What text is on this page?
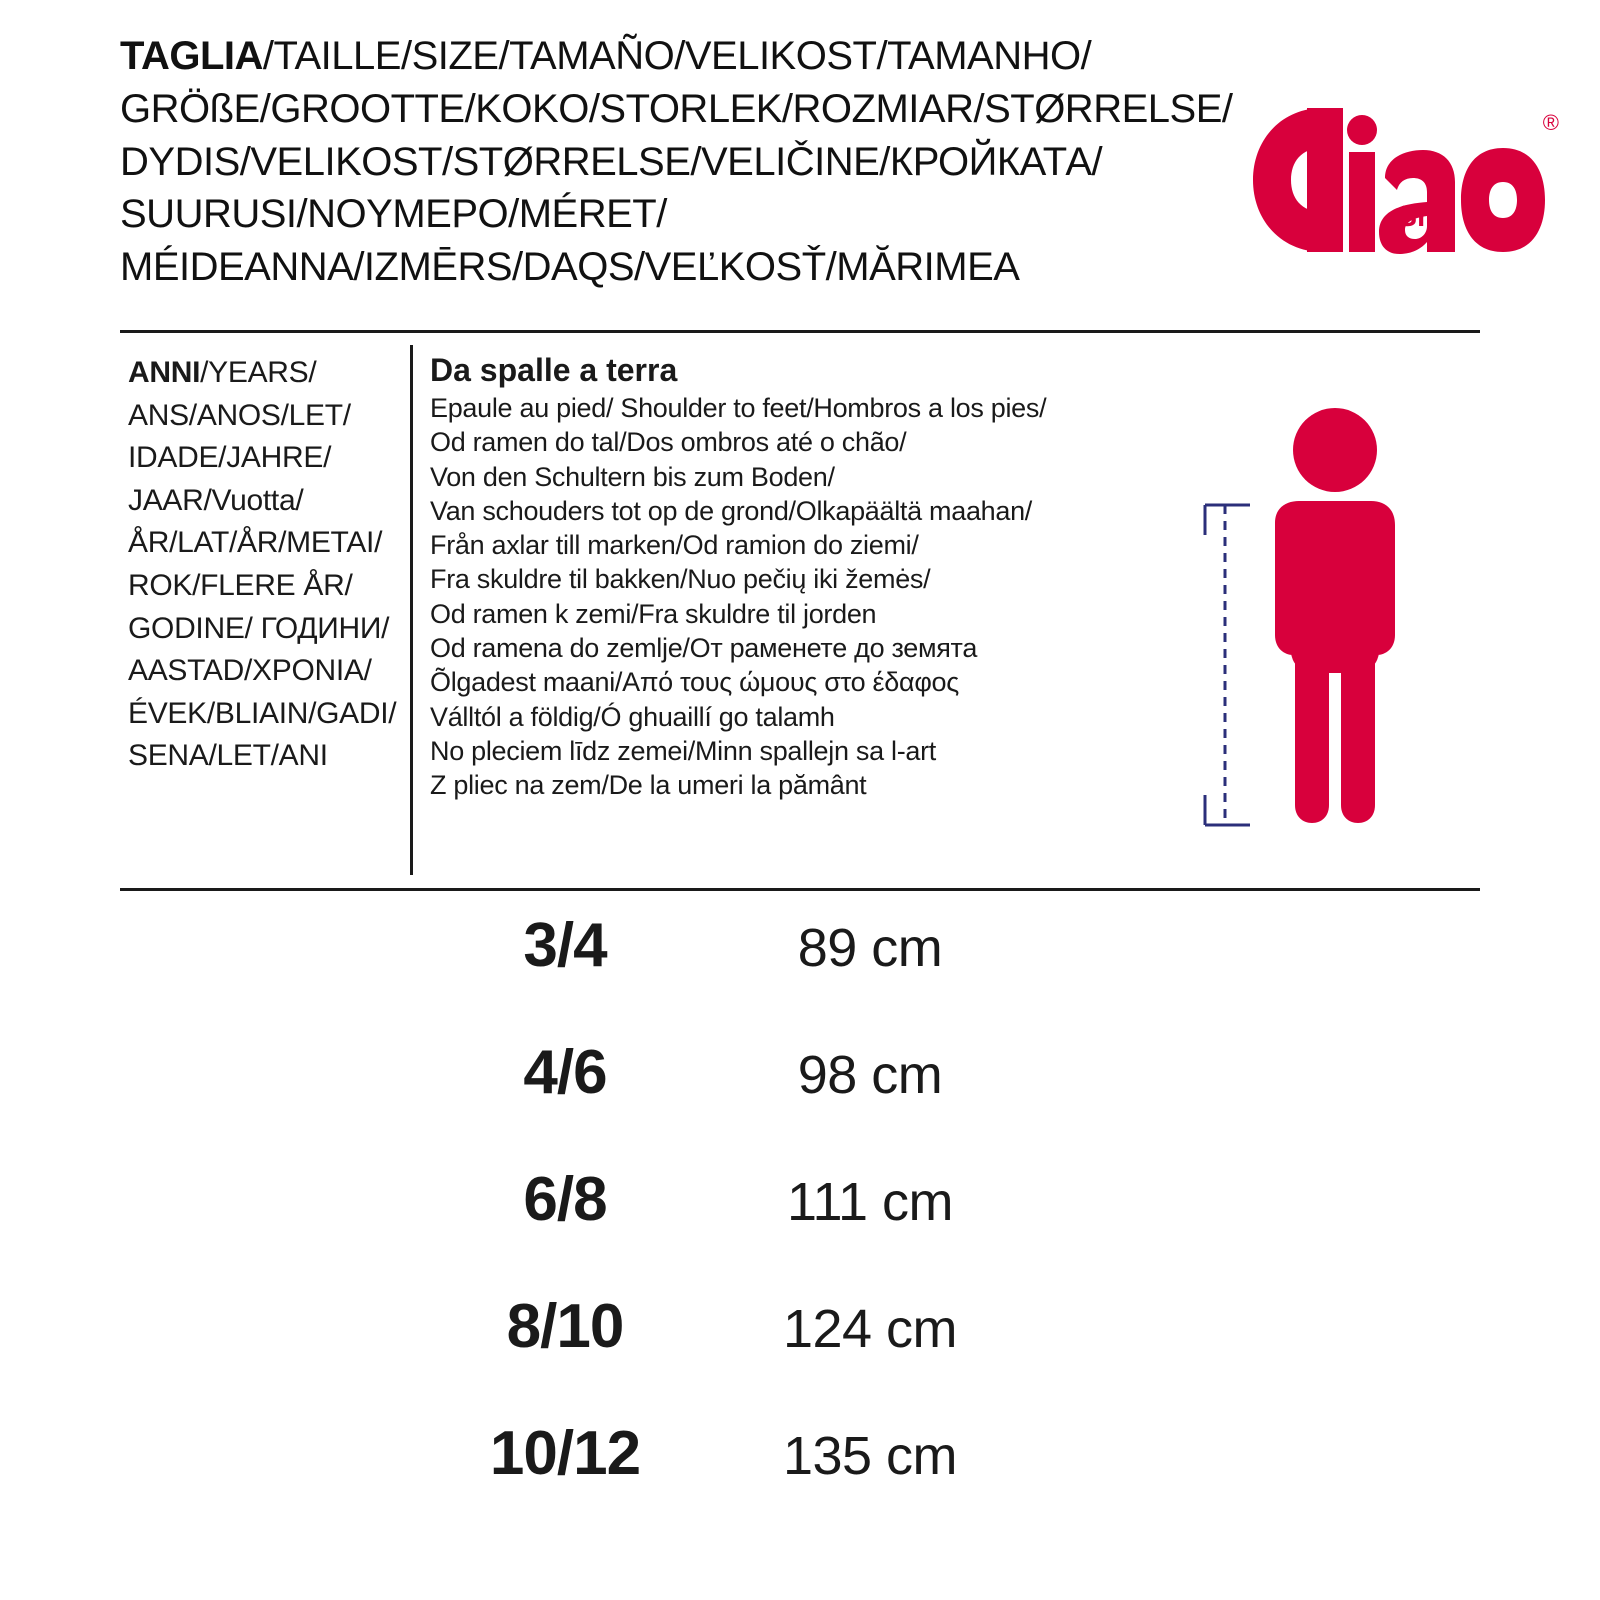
TAGLIA/TAILLE/SIZE/TAMAÑO/VELIKOST/TAMANHO/
GRÖßE/GROOTTE/KOKO/STORLEK/ROZMIAR/STØRRELSE/
DYDIS/VELIKOST/STØRRELSE/VELIČINE/КРОЙКАТА/
SUURUSI/NOΥMEPO/MÉRET/
MÉIDEANNA/IZMĒRS/DAQS/VEĽKOSŤ/MĂRIMEA
®
Srl
ANNI/YEARS/
ANS/ANOS/LET/
IDADE/JAHRE/
JAAR/Vuotta/
ÅR/LAT/ÅR/METAI/
ROK/FLERE ÅR/
GODINE/ ГОДИНИ/
AASTAD/XPONIA/
ÉVEK/BLIAIN/GADI/
SENA/LET/ANI
Da spalle a terra
Epaule au pied/ Shoulder to feet/Hombros a los pies/
Od ramen do tal/Dos ombros até o chão/
Von den Schultern bis zum Boden/
Van schouders tot op de grond/Olkapäältä maahan/
Från axlar till marken/Od ramion do ziemi/
Fra skuldre til bakken/Nuo pečių iki žemės/
Od ramen k zemi/Fra skuldre til jorden
Od ramena do zemlje/От раменете до земята
Õlgadest maani/Από τους ώμους στο έδαφος
Válltól a földig/Ó ghuaillí go talamh
No pleciem līdz zemei/Minn spallejn sa l-art
Z pliec na zem/De la umeri la pământ
3/4	89 cm
4/6	98 cm
6/8	111 cm
8/10	124 cm
10/12	135 cm
